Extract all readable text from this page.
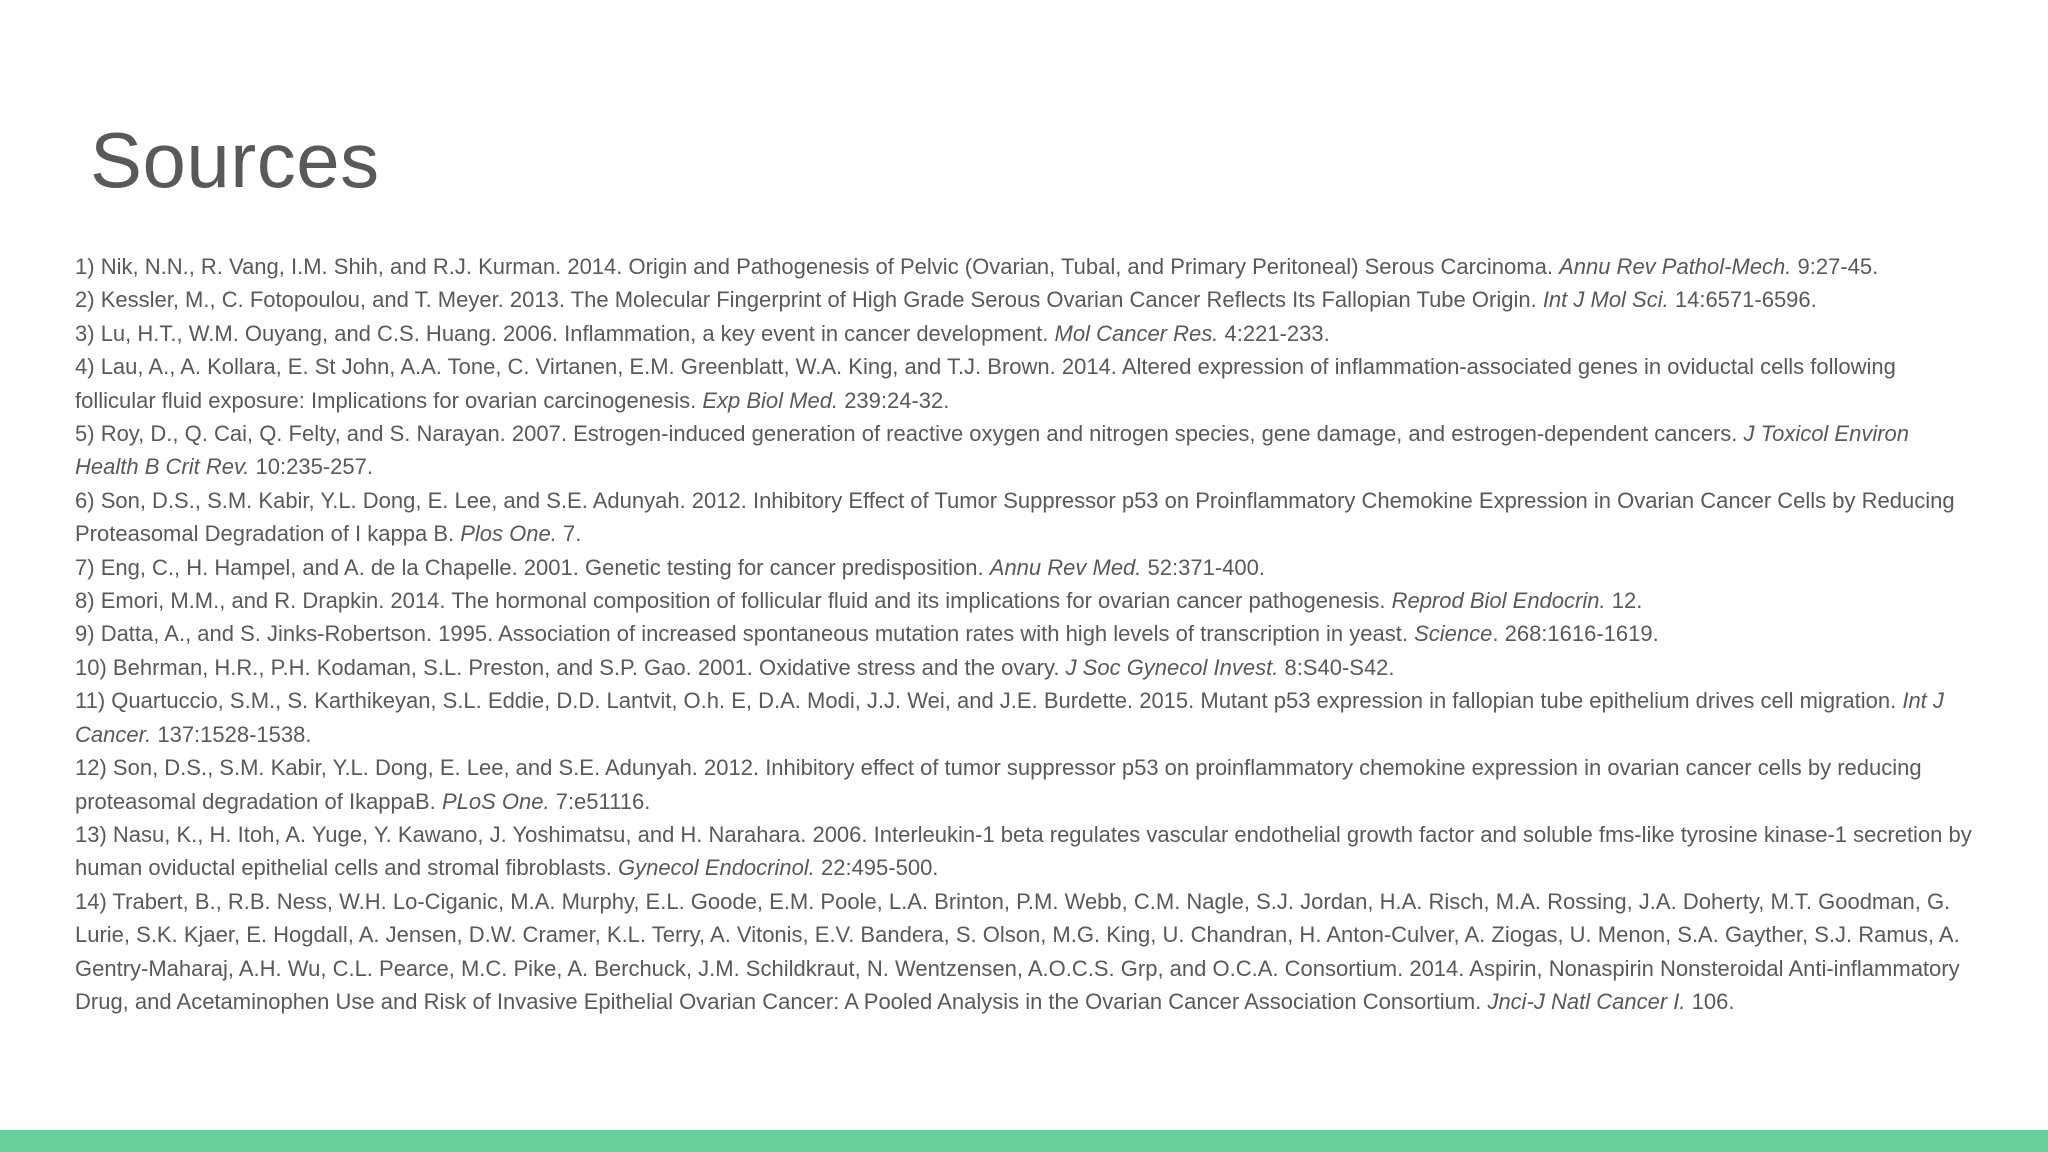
Sources
1) Nik, N.N., R. Vang, I.M. Shih, and R.J. Kurman. 2014. Origin and Pathogenesis of Pelvic (Ovarian, Tubal, and Primary Peritoneal) Serous Carcinoma. Annu Rev Pathol-Mech. 9:27-45.
2) Kessler, M., C. Fotopoulou, and T. Meyer. 2013. The Molecular Fingerprint of High Grade Serous Ovarian Cancer Reflects Its Fallopian Tube Origin. Int J Mol Sci. 14:6571-6596.
3) Lu, H.T., W.M. Ouyang, and C.S. Huang. 2006. Inflammation, a key event in cancer development. Mol Cancer Res. 4:221-233.
4) Lau, A., A. Kollara, E. St John, A.A. Tone, C. Virtanen, E.M. Greenblatt, W.A. King, and T.J. Brown. 2014. Altered expression of inflammation-associated genes in oviductal cells following follicular fluid exposure: Implications for ovarian carcinogenesis. Exp Biol Med. 239:24-32.
5) Roy, D., Q. Cai, Q. Felty, and S. Narayan. 2007. Estrogen-induced generation of reactive oxygen and nitrogen species, gene damage, and estrogen-dependent cancers. J Toxicol Environ Health B Crit Rev. 10:235-257.
6) Son, D.S., S.M. Kabir, Y.L. Dong, E. Lee, and S.E. Adunyah. 2012. Inhibitory Effect of Tumor Suppressor p53 on Proinflammatory Chemokine Expression in Ovarian Cancer Cells by Reducing Proteasomal Degradation of I kappa B. Plos One. 7.
7) Eng, C., H. Hampel, and A. de la Chapelle. 2001. Genetic testing for cancer predisposition. Annu Rev Med. 52:371-400.
8) Emori, M.M., and R. Drapkin. 2014. The hormonal composition of follicular fluid and its implications for ovarian cancer pathogenesis. Reprod Biol Endocrin. 12.
9) Datta, A., and S. Jinks-Robertson. 1995. Association of increased spontaneous mutation rates with high levels of transcription in yeast. Science. 268:1616-1619.
10) Behrman, H.R., P.H. Kodaman, S.L. Preston, and S.P. Gao. 2001. Oxidative stress and the ovary. J Soc Gynecol Invest. 8:S40-S42.
11) Quartuccio, S.M., S. Karthikeyan, S.L. Eddie, D.D. Lantvit, O.h. E, D.A. Modi, J.J. Wei, and J.E. Burdette. 2015. Mutant p53 expression in fallopian tube epithelium drives cell migration. Int J Cancer. 137:1528-1538.
12) Son, D.S., S.M. Kabir, Y.L. Dong, E. Lee, and S.E. Adunyah. 2012. Inhibitory effect of tumor suppressor p53 on proinflammatory chemokine expression in ovarian cancer cells by reducing proteasomal degradation of IkappaB. PLoS One. 7:e51116.
13) Nasu, K., H. Itoh, A. Yuge, Y. Kawano, J. Yoshimatsu, and H. Narahara. 2006. Interleukin-1 beta regulates vascular endothelial growth factor and soluble fms-like tyrosine kinase-1 secretion by human oviductal epithelial cells and stromal fibroblasts. Gynecol Endocrinol. 22:495-500.
14) Trabert, B., R.B. Ness, W.H. Lo-Ciganic, M.A. Murphy, E.L. Goode, E.M. Poole, L.A. Brinton, P.M. Webb, C.M. Nagle, S.J. Jordan, H.A. Risch, M.A. Rossing, J.A. Doherty, M.T. Goodman, G. Lurie, S.K. Kjaer, E. Hogdall, A. Jensen, D.W. Cramer, K.L. Terry, A. Vitonis, E.V. Bandera, S. Olson, M.G. King, U. Chandran, H. Anton-Culver, A. Ziogas, U. Menon, S.A. Gayther, S.J. Ramus, A. Gentry-Maharaj, A.H. Wu, C.L. Pearce, M.C. Pike, A. Berchuck, J.M. Schildkraut, N. Wentzensen, A.O.C.S. Grp, and O.C.A. Consortium. 2014. Aspirin, Nonaspirin Nonsteroidal Anti-inflammatory Drug, and Acetaminophen Use and Risk of Invasive Epithelial Ovarian Cancer: A Pooled Analysis in the Ovarian Cancer Association Consortium. Jnci-J Natl Cancer I. 106.
